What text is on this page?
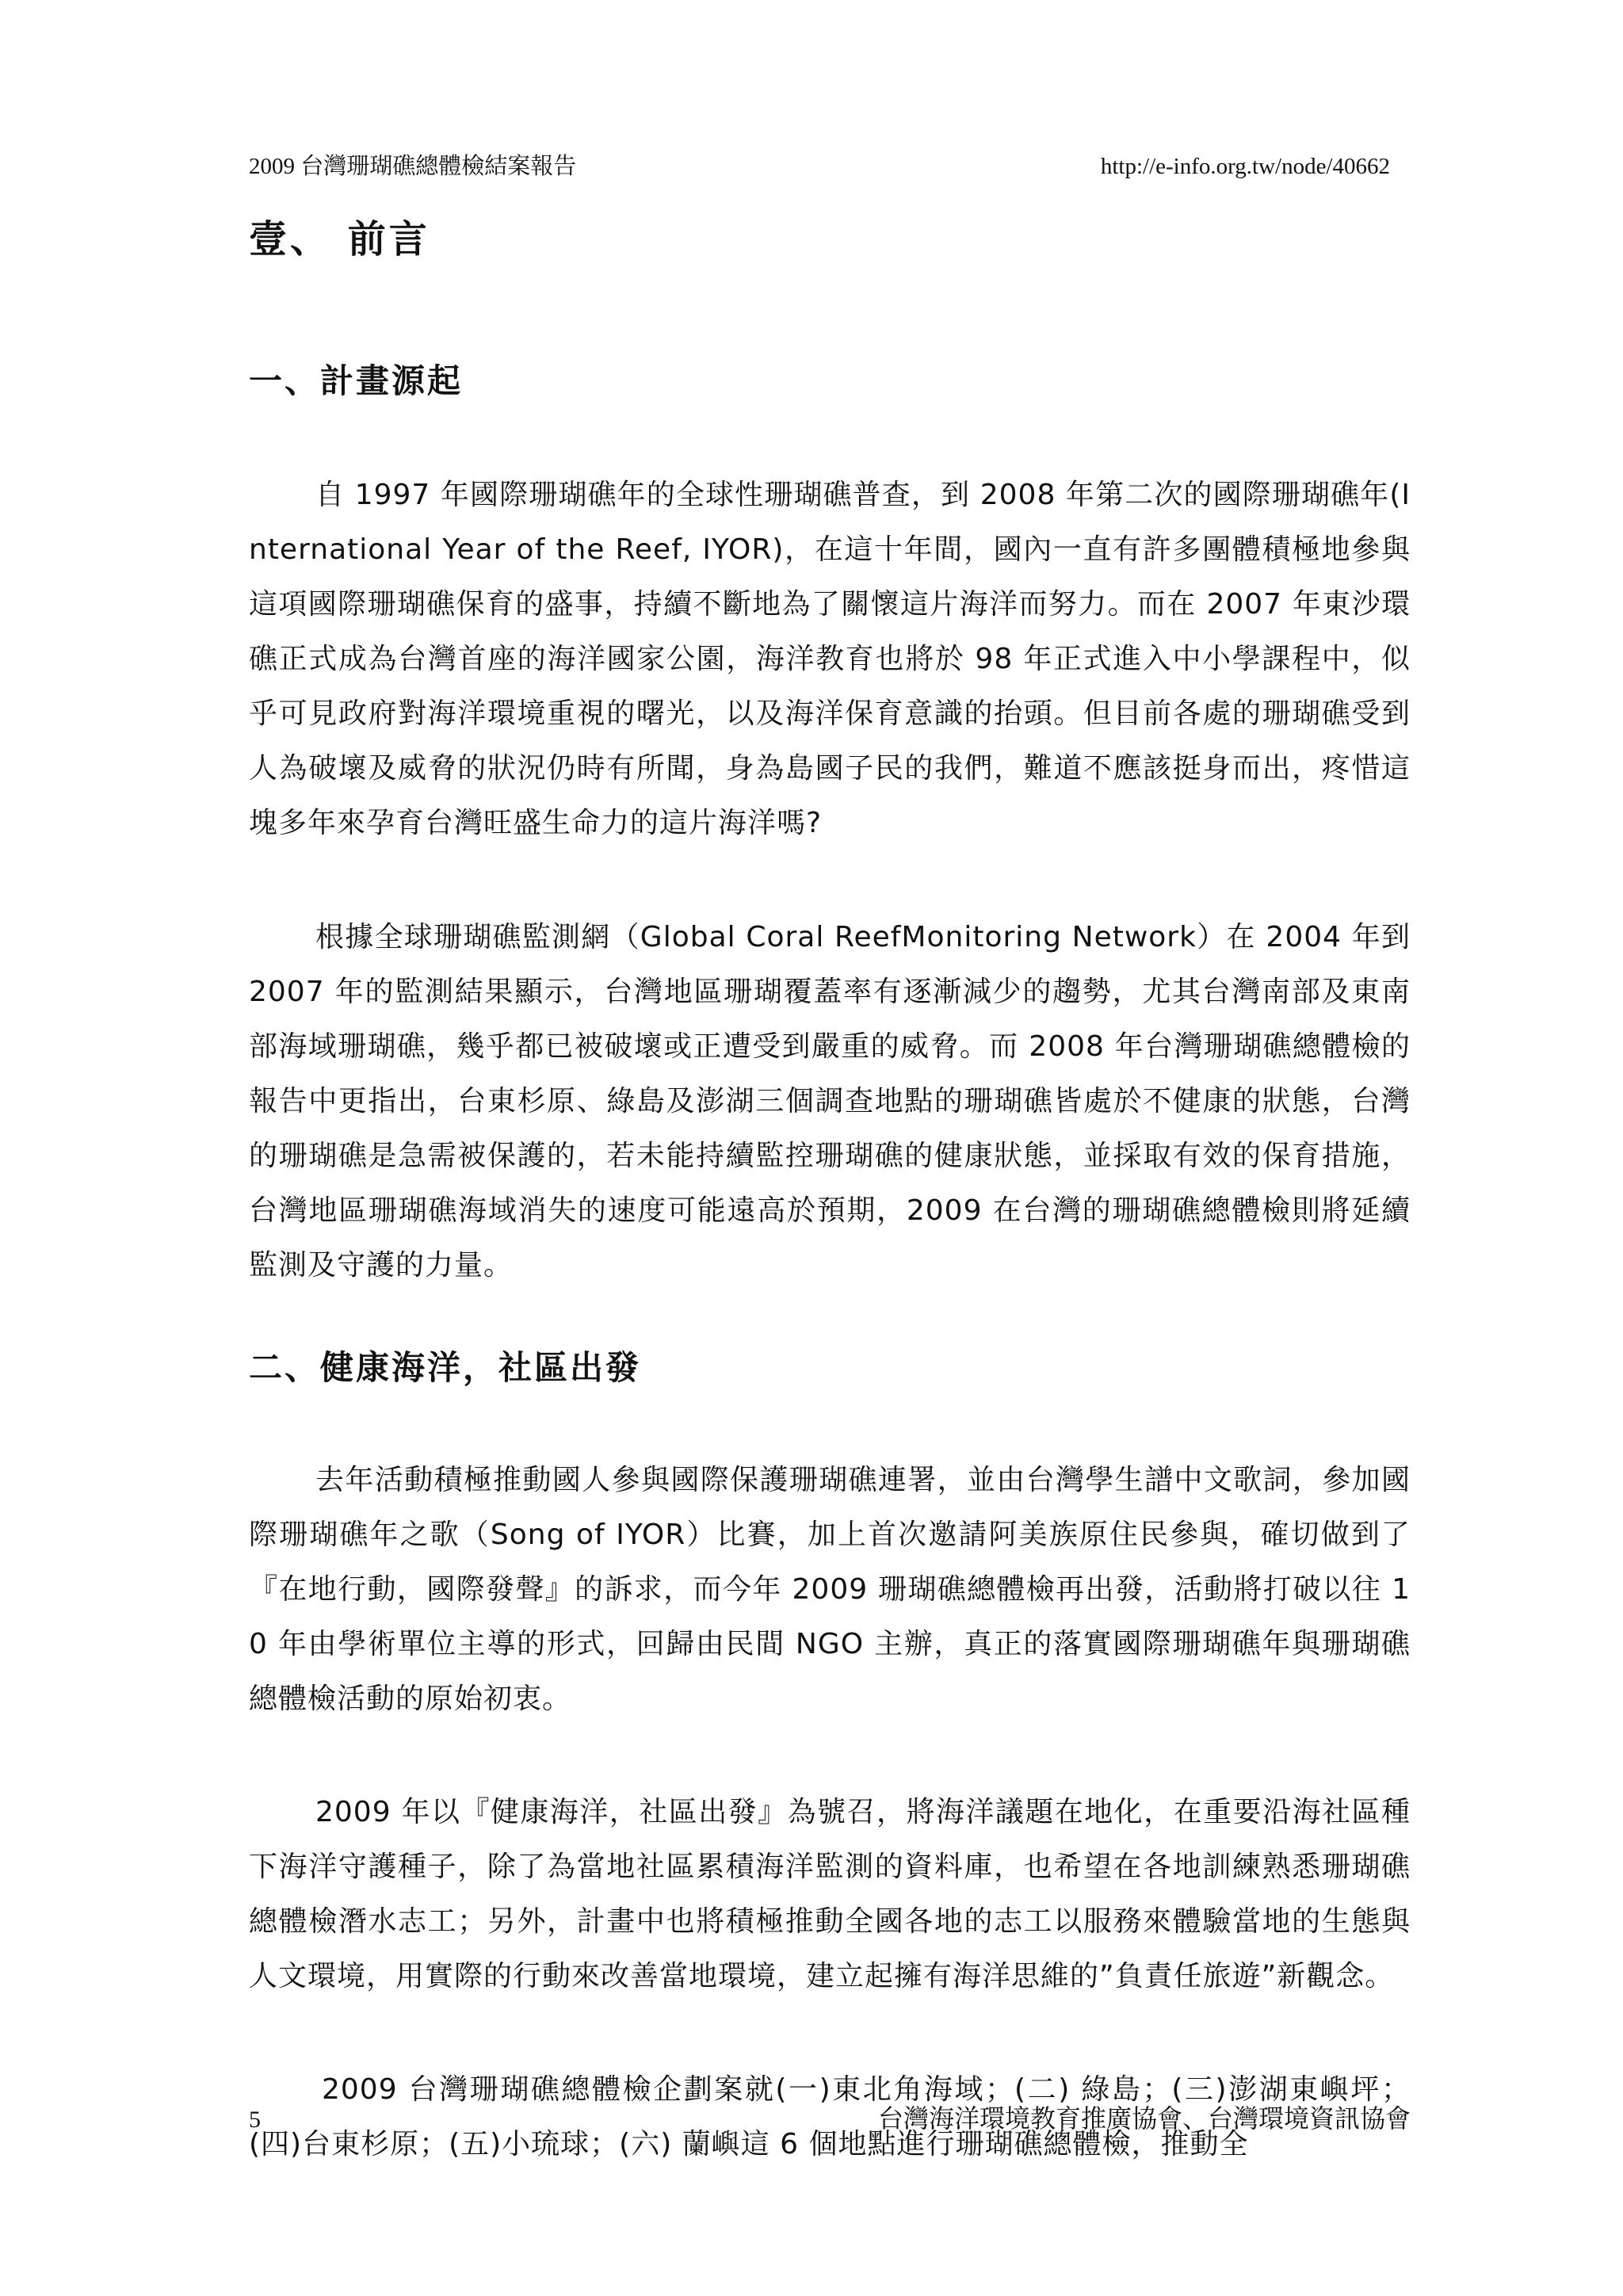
2009 台灣珊瑚礁總體檢結案報告	http://e-info.org.tw/node/40662
壹、 前言
一、計畫源起

自 1997 年國際珊瑚礁年的全球性珊瑚礁普查，到 2008 年第二次的國際珊瑚礁年(International Year of the Reef, IYOR)，在這十年間，國內一直有許多團體積極地參與這項國際珊瑚礁保育的盛事，持續不斷地為了關懷這片海洋而努力。而在 2007 年東沙環礁正式成為台灣首座的海洋國家公園，海洋教育也將於 98 年正式進入中小學課程中，似乎可見政府對海洋環境重視的曙光，以及海洋保育意識的抬頭。但目前各處的珊瑚礁受到人為破壞及威脅的狀況仍時有所聞，身為島國子民的我們，難道不應該挺身而出，疼惜這塊多年來孕育台灣旺盛生命力的這片海洋嗎?

根據全球珊瑚礁監測網（Global Coral ReefMonitoring Network）在 2004 年到 2007 年的監測結果顯示，台灣地區珊瑚覆蓋率有逐漸減少的趨勢，尤其台灣南部及東南部海域珊瑚礁，幾乎都已被破壞或正遭受到嚴重的威脅。而 2008 年台灣珊瑚礁總體檢的報告中更指出，台東杉原、綠島及澎湖三個調查地點的珊瑚礁皆處於不健康的狀態，台灣的珊瑚礁是急需被保護的，若未能持續監控珊瑚礁的健康狀態，並採取有效的保育措施，台灣地區珊瑚礁海域消失的速度可能遠高於預期，2009 在台灣的珊瑚礁總體檢則將延續監測及守護的力量。

二、健康海洋，社區出發

去年活動積極推動國人參與國際保護珊瑚礁連署，並由台灣學生譜中文歌詞，參加國際珊瑚礁年之歌（Song of IYOR）比賽，加上首次邀請阿美族原住民參與，確切做到了『在地行動，國際發聲』的訴求，而今年 2009 珊瑚礁總體檢再出發，活動將打破以往 10 年由學術單位主導的形式，回歸由民間 NGO 主辦，真正的落實國際珊瑚礁年與珊瑚礁總體檢活動的原始初衷。

2009 年以『健康海洋，社區出發』為號召，將海洋議題在地化，在重要沿海社區種下海洋守護種子，除了為當地社區累積海洋監測的資料庫，也希望在各地訓練熟悉珊瑚礁總體檢潛水志工；另外，計畫中也將積極推動全國各地的志工以服務來體驗當地的生態與人文環境，用實際的行動來改善當地環境，建立起擁有海洋思維的”負責任旅遊”新觀念。

2009 台灣珊瑚礁總體檢企劃案就(一)東北角海域；(二) 綠島；(三)澎湖東嶼坪；(四)台東杉原；(五)小琉球；(六) 蘭嶼這 6 個地點進行珊瑚礁總體檢，推動全

5	台灣海洋環境教育推廣協會、台灣環境資訊協會
